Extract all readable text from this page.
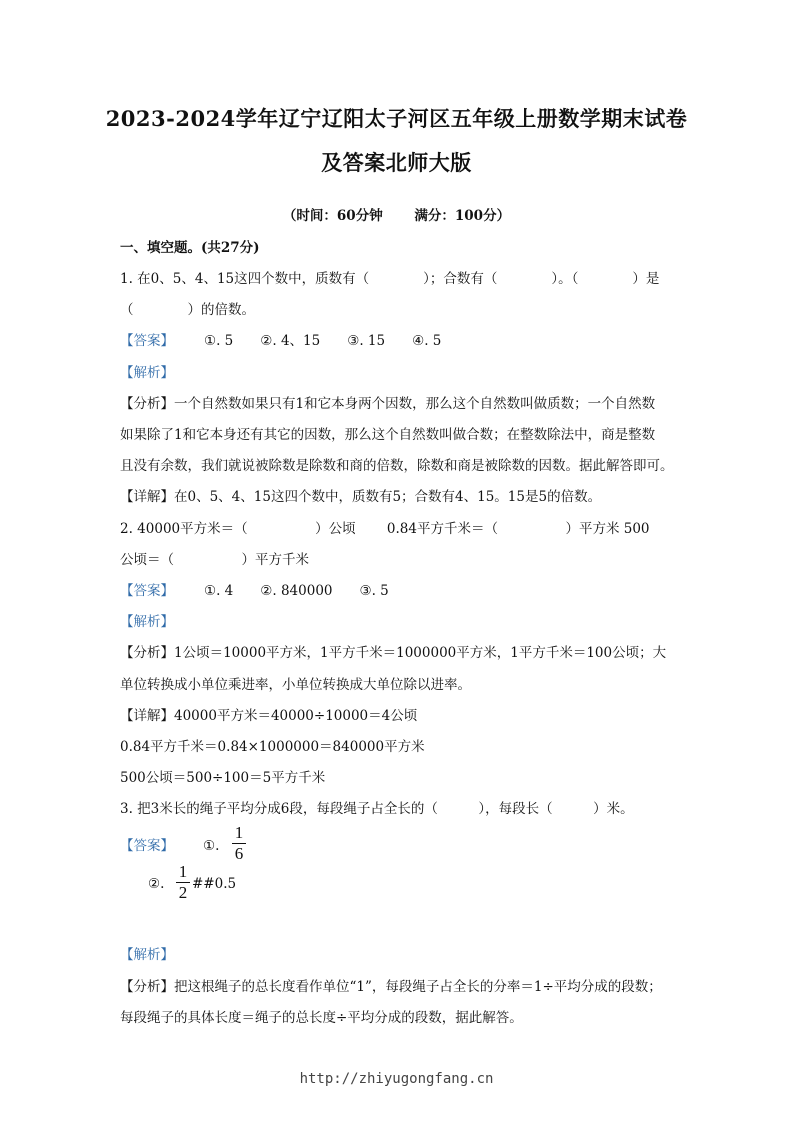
2023-2024学年辽宁辽阳太子河区五年级上册数学期末试卷
及答案北师大版
（时间：60分钟　　 满分：100分）
一、填空题。(共27分)
1. 在0、5、4、15这四个数中，质数有（　　　　）；合数有（　　　　）。（　　　　）是
（　　　　）的倍数。
【答案】 ①. 5　　②. 4、15　　③. 15　　④. 5
【解析】
【分析】一个自然数如果只有1和它本身两个因数，那么这个自然数叫做质数；一个自然数
如果除了1和它本身还有其它的因数，那么这个自然数叫做合数；在整数除法中，商是整数
且没有余数，我们就说被除数是除数和商的倍数，除数和商是被除数的因数。据此解答即可。
【详解】在0、5、4、15这四个数中，质数有5；合数有4、15。15是5的倍数。
2. 40000平方米＝（　　　　　）公顷　　 0.84平方千米＝（　　　　　）平方米 500
公顷＝（　　　　　）平方千米
【答案】 ①. 4　　②. 840000　　③. 5
【解析】
【分析】1公顷＝10000平方米，1平方千米＝1000000平方米，1平方千米＝100公顷；大
单位转换成小单位乘进率，小单位转换成大单位除以进率。
【详解】40000平方米＝40000÷10000＝4公顷
0.84平方千米＝0.84×1000000＝840000平方米
500公顷＝500÷100＝5平方千米
3. 把3米长的绳子平均分成6段，每段绳子占全长的（　　　），每段长（　　　）米。
【答案】 ①.
1
6
②.
1
2 ##0.5
【解析】
【分析】把这根绳子的总长度看作单位“1”，每段绳子占全长的分率＝1÷平均分成的段数；
每段绳子的具体长度＝绳子的总长度÷平均分成的段数，据此解答。
http://zhiyugongfang.cn
